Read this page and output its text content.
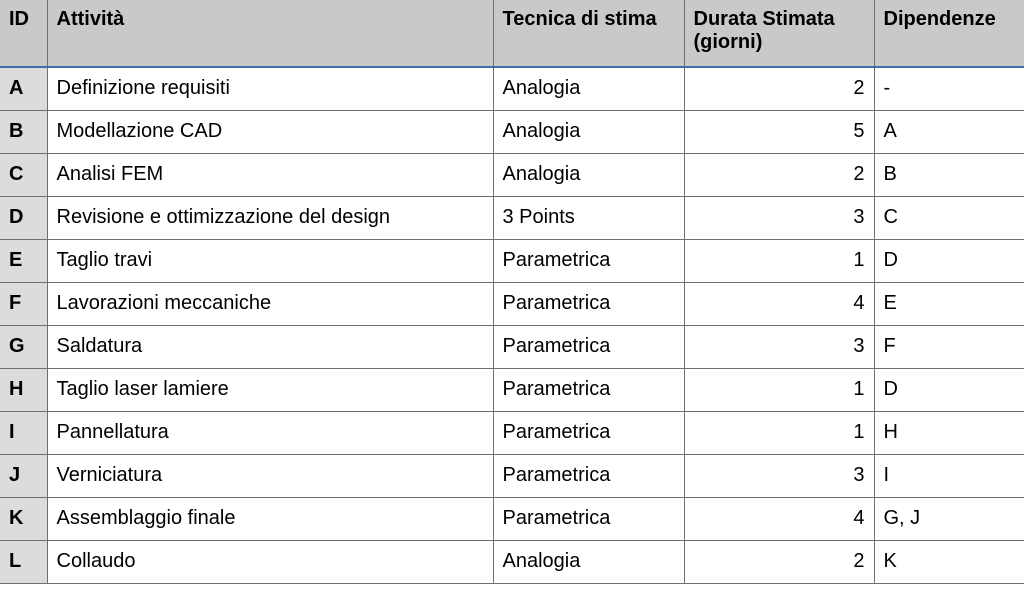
ID	Attività	Tecnica di stima	Durata Stimata (giorni)	Dipendenze
A	Definizione requisiti	Analogia	2	-
B	Modellazione CAD	Analogia	5	A
C	Analisi FEM	Analogia	2	B
D	Revisione e ottimizzazione del design	3 Points	3	C
E	Taglio travi	Parametrica	1	D
F	Lavorazioni meccaniche	Parametrica	4	E
G	Saldatura	Parametrica	3	F
H	Taglio laser lamiere	Parametrica	1	D
I	Pannellatura	Parametrica	1	H
J	Verniciatura	Parametrica	3	I
K	Assemblaggio finale	Parametrica	4	G, J
L	Collaudo	Analogia	2	K
